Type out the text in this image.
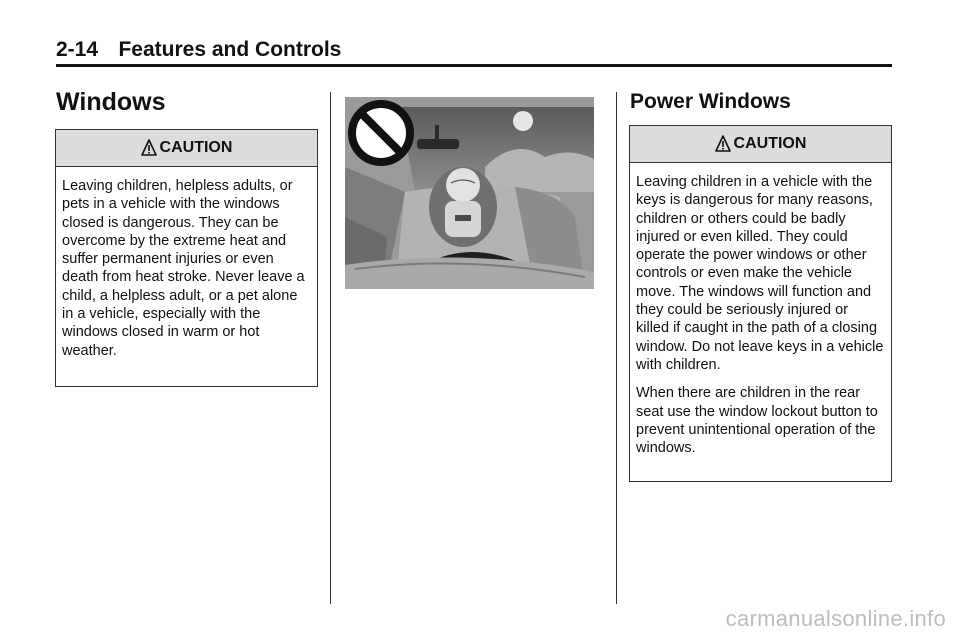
2-14 Features and Controls
Windows
CAUTION

Leaving children, helpless adults, or pets in a vehicle with the windows closed is dangerous. They can be overcome by the extreme heat and suffer permanent injuries or even death from heat stroke. Never leave a child, a helpless adult, or a pet alone in a vehicle, especially with the windows closed in warm or hot weather.

Power Windows
CAUTION

Leaving children in a vehicle with the keys is dangerous for many reasons, children or others could be badly injured or even killed. They could operate the power windows or other controls or even make the vehicle move. The windows will function and they could be seriously injured or killed if caught in the path of a closing window. Do not leave keys in a vehicle with children.

When there are children in the rear seat use the window lockout button to prevent unintentional operation of the windows.

carmanualsonline.info
